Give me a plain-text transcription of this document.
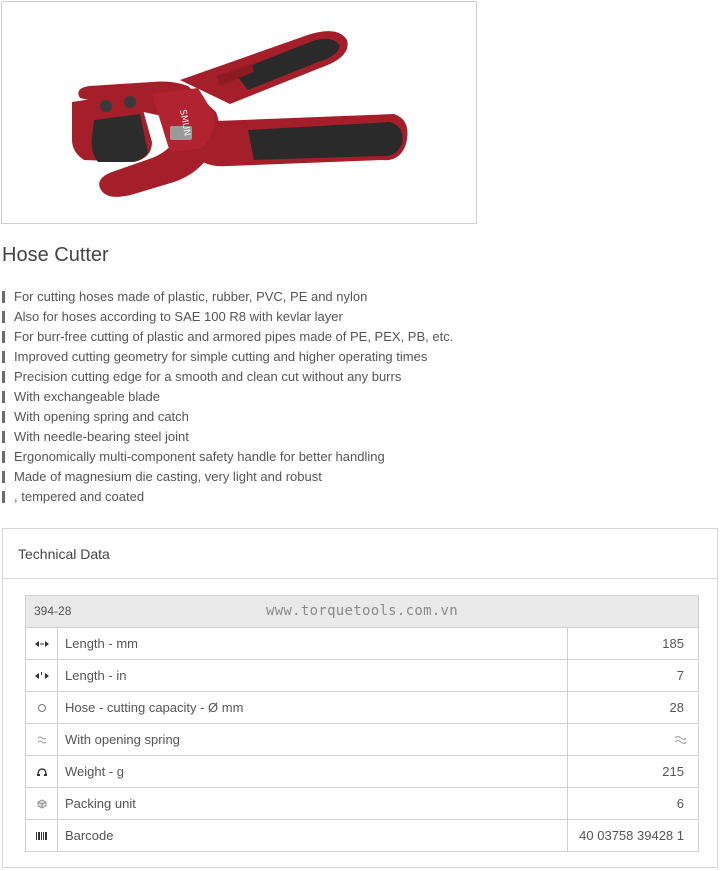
SMUN
Hose Cutter
For cutting hoses made of plastic, rubber, PVC, PE and nylon
Also for hoses according to SAE 100 R8 with kevlar layer
For burr-free cutting of plastic and armored pipes made of PE, PEX, PB, etc.
Improved cutting geometry for simple cutting and higher operating times
Precision cutting edge for a smooth and clean cut without any burrs
With exchangeable blade
With opening spring and catch
With needle-bearing steel joint
Ergonomically multi-component safety handle for better handling
Made of magnesium die casting, very light and robust
, tempered and coated
Technical Data
394-28	www.torquetools.com.vn
Length - mm	185
Length - in	7
Hose - cutting capacity - Ø mm	28
With opening spring
Weight - g	215
Packing unit	6
Barcode	40 03758 39428 1
